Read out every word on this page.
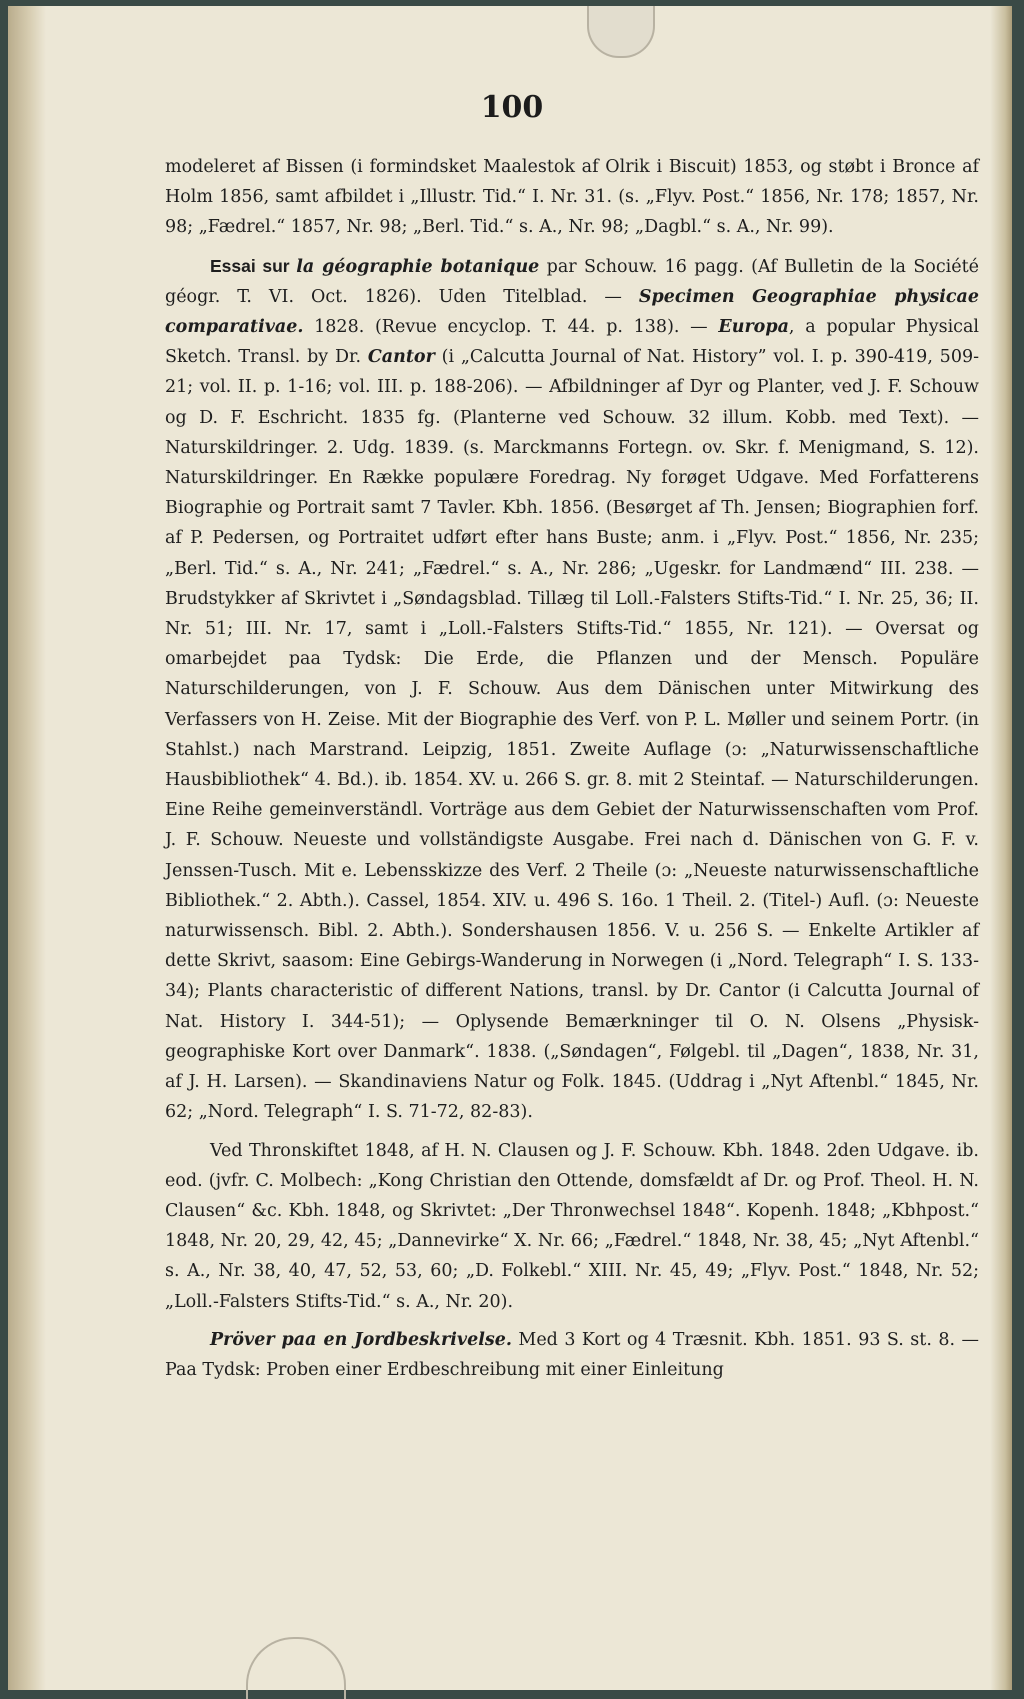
100

modeleret af Bissen (i formindsket Maalestok af Olrik i Biscuit) 1853, og støbt i Bronce af Holm 1856, samt afbildet i „Illustr. Tid.“ I. Nr. 31. (s. „Flyv. Post.“ 1856, Nr. 178; 1857, Nr. 98; „Fædrel.“ 1857, Nr. 98; „Berl. Tid.“ s. A., Nr. 98; „Dagbl.“ s. A., Nr. 99).

Essai sur la géographie botanique par Schouw. 16 pagg. (Af Bulletin de la Société géogr. T. VI. Oct. 1826). Uden Titelblad. — Specimen Geographiae physicae comparativae. 1828. (Revue encyclop. T. 44. p. 138). — Europa, a popular Physical Sketch. Transl. by Dr. Cantor (i „Calcutta Journal of Nat. History” vol. I. p. 390-419, 509-21; vol. II. p. 1-16; vol. III. p. 188-206). — Afbildninger af Dyr og Planter, ved J. F. Schouw og D. F. Eschricht. 1835 fg. (Planterne ved Schouw. 32 illum. Kobb. med Text). — Naturskildringer. 2. Udg. 1839. (s. Marckmanns Fortegn. ov. Skr. f. Menigmand, S. 12). Naturskildringer. En Række populære Foredrag. Ny forøget Udgave. Med Forfatterens Biographie og Portrait samt 7 Tavler. Kbh. 1856. (Besørget af Th. Jensen; Biographien forf. af P. Pedersen, og Portraitet udført efter hans Buste; anm. i „Flyv. Post.“ 1856, Nr. 235; „Berl. Tid.“ s. A., Nr. 241; „Fædrel.“ s. A., Nr. 286; „Ugeskr. for Landmænd“ III. 238. — Brudstykker af Skrivtet i „Søndagsblad. Tillæg til Loll.-Falsters Stifts-Tid.“ I. Nr. 25, 36; II. Nr. 51; III. Nr. 17, samt i „Loll.-Falsters Stifts-Tid.“ 1855, Nr. 121). — Oversat og omarbejdet paa Tydsk: Die Erde, die Pflanzen und der Mensch. Populäre Naturschilderungen, von J. F. Schouw. Aus dem Dänischen unter Mitwirkung des Verfassers von H. Zeise. Mit der Biographie des Verf. von P. L. Møller und seinem Portr. (in Stahlst.) nach Marstrand. Leipzig, 1851. Zweite Auflage (ɔ: „Naturwissenschaftliche Hausbibliothek“ 4. Bd.). ib. 1854. XV. u. 266 S. gr. 8. mit 2 Steintaf. — Naturschilderungen. Eine Reihe gemeinverständl. Vorträge aus dem Gebiet der Naturwissenschaften vom Prof. J. F. Schouw. Neueste und vollständigste Ausgabe. Frei nach d. Dänischen von G. F. v. Jenssen-Tusch. Mit e. Lebensskizze des Verf. 2 Theile (ɔ: „Neueste naturwissenschaftliche Bibliothek.“ 2. Abth.). Cassel, 1854. XIV. u. 496 S. 16o. 1 Theil. 2. (Titel-) Aufl. (ɔ: Neueste naturwissensch. Bibl. 2. Abth.). Sondershausen 1856. V. u. 256 S. — Enkelte Artikler af dette Skrivt, saasom: Eine Gebirgs-Wanderung in Norwegen (i „Nord. Telegraph“ I. S. 133-34); Plants characteristic of different Nations, transl. by Dr. Cantor (i Calcutta Journal of Nat. History I. 344-51); — Oplysende Bemærkninger til O. N. Olsens „Physisk-geographiske Kort over Danmark“. 1838. („Søndagen“, Følgebl. til „Dagen“, 1838, Nr. 31, af J. H. Larsen). — Skandinaviens Natur og Folk. 1845. (Uddrag i „Nyt Aftenbl.“ 1845, Nr. 62; „Nord. Telegraph“ I. S. 71-72, 82-83).

Ved Thronskiftet 1848, af H. N. Clausen og J. F. Schouw. Kbh. 1848. 2den Udgave. ib. eod. (jvfr. C. Molbech: „Kong Christian den Ottende, domsfældt af Dr. og Prof. Theol. H. N. Clausen“ &c. Kbh. 1848, og Skrivtet: „Der Thronwechsel 1848“. Kopenh. 1848; „Kbhpost.“ 1848, Nr. 20, 29, 42, 45; „Dannevirke“ X. Nr. 66; „Fædrel.“ 1848, Nr. 38, 45; „Nyt Aftenbl.“ s. A., Nr. 38, 40, 47, 52, 53, 60; „D. Folkebl.“ XIII. Nr. 45, 49; „Flyv. Post.“ 1848, Nr. 52; „Loll.-Falsters Stifts-Tid.“ s. A., Nr. 20).

Pröver paa en Jordbeskrivelse. Med 3 Kort og 4 Træsnit. Kbh. 1851. 93 S. st. 8. — Paa Tydsk: Proben einer Erdbeschreibung mit einer Einleitung
